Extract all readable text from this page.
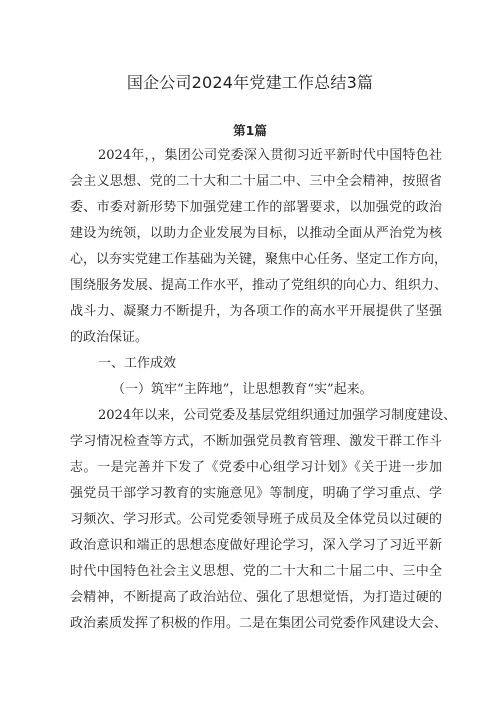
国企公司2024年党建工作总结3篇
第1篇
2024年，，集团公司党委深入贯彻习近平新时代中国特色社
会主义思想、党的二十大和二十届二中、三中全会精神，按照省
委、市委对新形势下加强党建工作的部署要求，以加强党的政治
建设为统领，以助力企业发展为目标，以推动全面从严治党为核
心，以夯实党建工作基础为关键，聚焦中心任务、坚定工作方向，
围绕服务发展、提高工作水平，推动了党组织的向心力、组织力、
战斗力、凝聚力不断提升，为各项工作的高水平开展提供了坚强
的政治保证。
一、工作成效
（一）筑牢“主阵地”，让思想教育“实”起来。
2024年以来，公司党委及基层党组织通过加强学习制度建设、
学习情况检查等方式，不断加强党员教育管理、激发干群工作斗
志。一是完善并下发了《党委中心组学习计划》《关于进一步加
强党员干部学习教育的实施意见》等制度，明确了学习重点、学
习频次、学习形式。公司党委领导班子成员及全体党员以过硬的
政治意识和端正的思想态度做好理论学习，深入学习了习近平新
时代中国特色社会主义思想、党的二十大和二十届二中、三中全
会精神，不断提高了政治站位、强化了思想觉悟，为打造过硬的
政治素质发挥了积极的作用。二是在集团公司党委作风建设大会、
